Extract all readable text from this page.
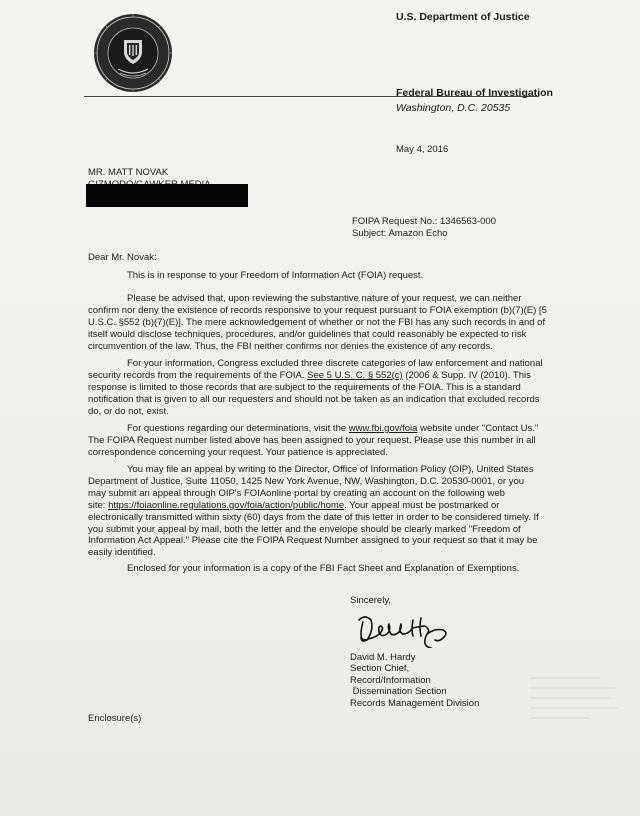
U.S. Department of Justice
Federal Bureau of Investigation
Washington, D.C. 20535
May 4, 2016
MR. MATT NOVAK
FOIPA Request No.: 1346563-000
Subject: Amazon Echo
Dear Mr. Novak:
This is in response to your Freedom of Information Act (FOIA) request.
Please be advised that, upon reviewing the substantive nature of your request, we can neither
confirm nor deny the existence of records responsive to your request pursuant to FOIA exemption (b)(7)(E) [5
U.S.C. §552 (b)(7)(E)]. The mere acknowledgement of whether or not the FBI has any such records in and of
itself would disclose techniques, procedures, and/or guidelines that could reasonably be expected to risk
circumvention of the law. Thus, the FBI neither confirms nor denies the existence of any records.
For your information, Congress excluded three discrete categories of law enforcement and national
security records from the requirements of the FOIA. See 5 U.S. C. § 552(c) (2006 & Supp. IV (2010). This
response is limited to those records that are subject to the requirements of the FOIA. This is a standard
notification that is given to all our requesters and should not be taken as an indication that excluded records
do, or do not, exist.
For questions regarding our determinations, visit the www.fbi.gov/foia website under "Contact Us."
The FOIPA Request number listed above has been assigned to your request. Please use this number in all
correspondence concerning your request. Your patience is appreciated.
You may file an appeal by writing to the Director, Office of Information Policy (OIP), United States
Department of Justice, Suite 11050, 1425 New York Avenue, NW, Washington, D.C. 20530-0001, or you
may submit an appeal through OIP's FOIAonline portal by creating an account on the following web
site: https://foiaonline.regulations.gov/foia/action/public/home. Your appeal must be postmarked or
electronically transmitted within sixty (60) days from the date of this letter in order to be considered timely. If
you submit your appeal by mail, both the letter and the envelope should be clearly marked "Freedom of
Information Act Appeal." Please cite the FOIPA Request Number assigned to your request so that it may be
easily identified.
Enclosed for your information is a copy of the FBI Fact Sheet and Explanation of Exemptions.
Sincerely,
David M. Hardy
Section Chief,
Record/Information
Dissemination Section
Records Management Division
Enclosure(s)
